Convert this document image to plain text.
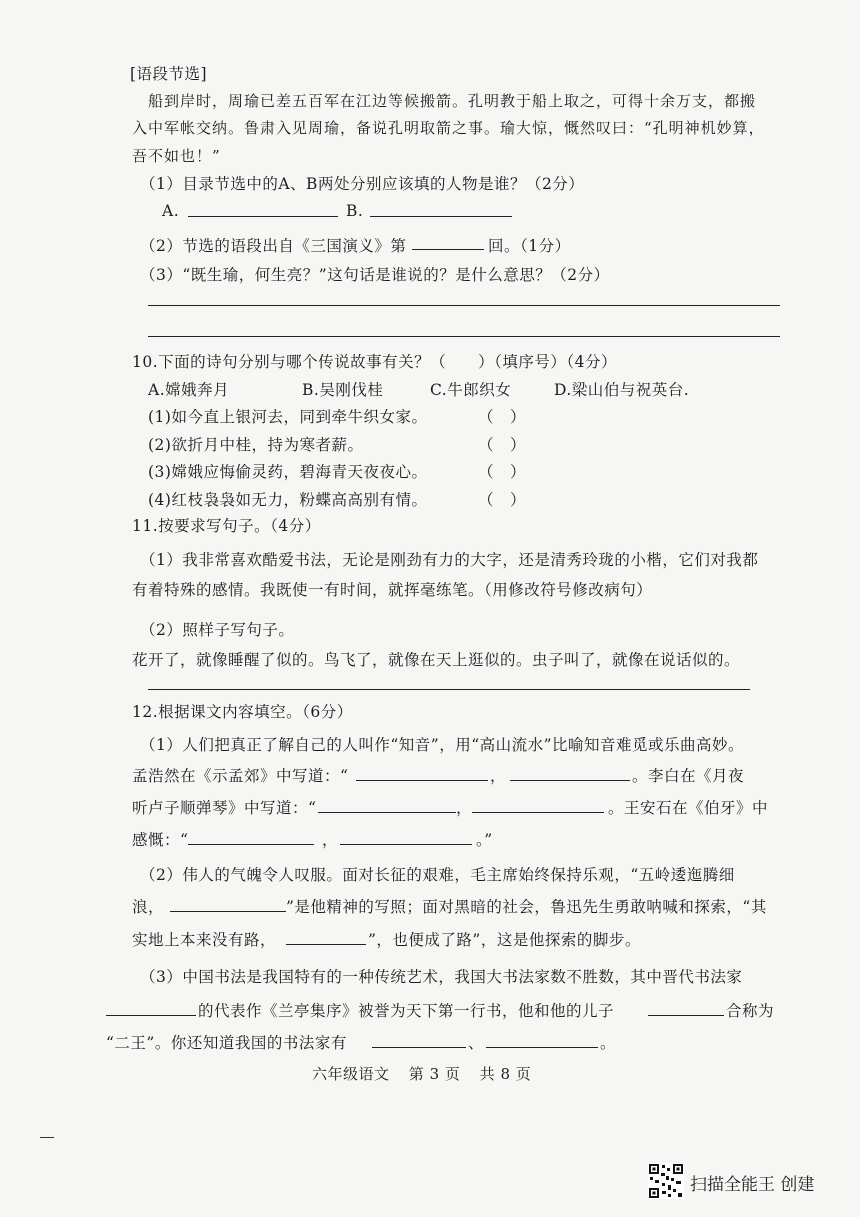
[语段节选]
船到岸时，周瑜已差五百军在江边等候搬箭。孔明教于船上取之，可得十余万支，都搬
入中军帐交纳。鲁肃入见周瑜，备说孔明取箭之事。瑜大惊，慨然叹曰：“孔明神机妙算，
吾不如也！”
（1）目录节选中的A、B两处分别应该填的人物是谁？（2分）
A.	B.
（2）节选的语段出自《三国演义》第	回。（1分）
（3）“既生瑜，何生亮？”这句话是谁说的？是什么意思？（2分）
10.下面的诗句分别与哪个传说故事有关？（　　）（填序号）（4分）
A.嫦娥奔月	B.吴刚伐桂	C.牛郎织女	D.梁山伯与祝英台.
(1)如今直上银河去，同到牵牛织女家。	（　）
(2)欲折月中桂，持为寒者薪。	（　）
(3)嫦娥应悔偷灵药，碧海青天夜夜心。	（　）
(4)红枝袅袅如无力，粉蝶高高别有情。	（　）
11.按要求写句子。（4分）
（1）我非常喜欢酷爱书法，无论是刚劲有力的大字，还是清秀玲珑的小楷，它们对我都
有着特殊的感情。我既使一有时间，就挥毫练笔。（用修改符号修改病句）
（2）照样子写句子。
花开了，就像睡醒了似的。鸟飞了，就像在天上逛似的。虫子叫了，就像在说话似的。
12.根据课文内容填空。（6分）
（1）人们把真正了解自己的人叫作“知音”，用“高山流水”比喻知音难觅或乐曲高妙。
孟浩然在《示孟郊》中写道：“	，	。李白在《月夜
听卢子顺弹琴》中写道：“	，	。王安石在《伯牙》中
感慨：“	，	。”
（2）伟人的气魄令人叹服。面对长征的艰难，毛主席始终保持乐观，“五岭逶迤腾细
浪，	”是他精神的写照；面对黑暗的社会，鲁迅先生勇敢呐喊和探索，“其
实地上本来没有路，	”，也便成了路”，这是他探索的脚步。
（3）中国书法是我国特有的一种传统艺术，我国大书法家数不胜数，其中晋代书法家
的代表作《兰亭集序》被誉为天下第一行书，他和他的儿子	合称为
“二王”。你还知道我国的书法家有	、	。
六年级语文 第 3 页 共 8 页
扫描全能王 创建
